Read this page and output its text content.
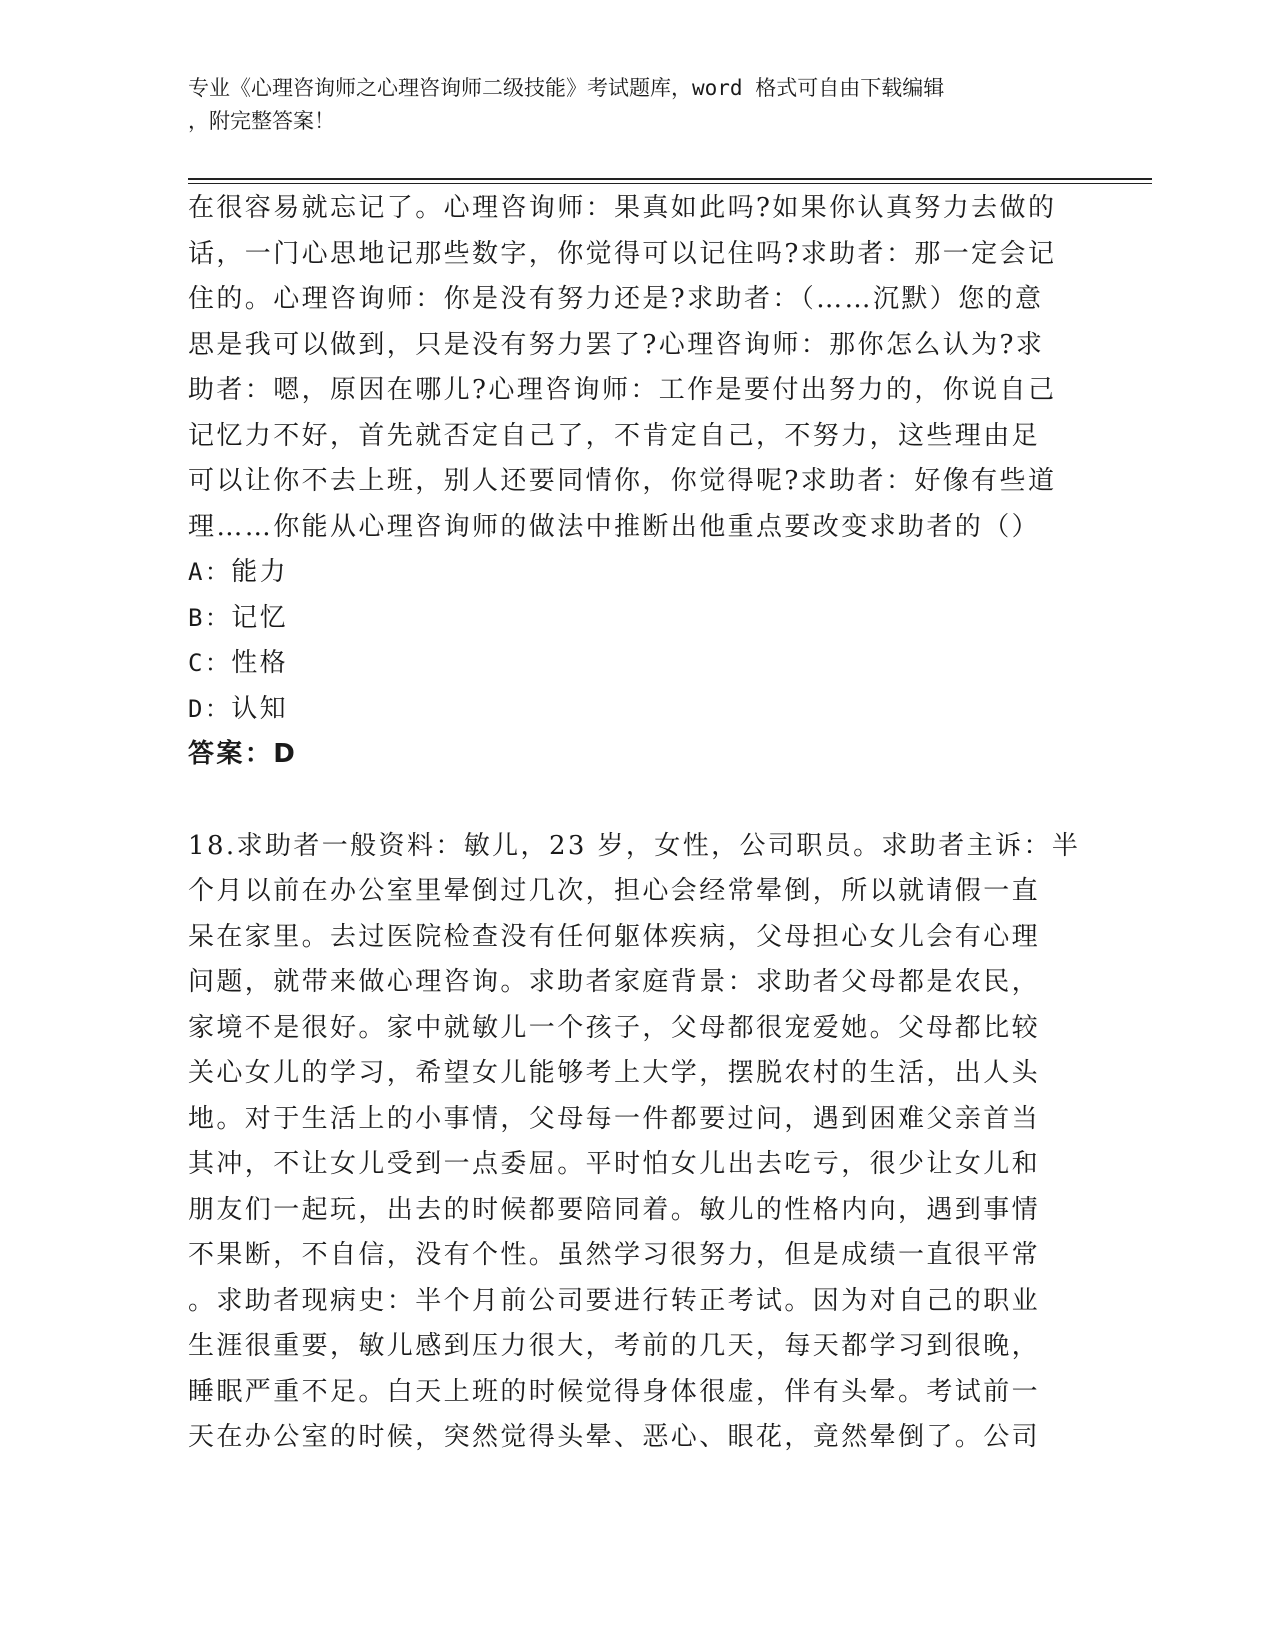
专业《心理咨询师之心理咨询师二级技能》考试题库，word 格式可自由下载编辑
，附完整答案！

在很容易就忘记了。心理咨询师：果真如此吗?如果你认真努力去做的
话，一门心思地记那些数字，你觉得可以记住吗?求助者：那一定会记
住的。心理咨询师：你是没有努力还是?求助者：（……沉默）您的意
思是我可以做到，只是没有努力罢了?心理咨询师：那你怎么认为?求
助者：嗯，原因在哪儿?心理咨询师：工作是要付出努力的，你说自己
记忆力不好，首先就否定自己了，不肯定自己，不努力，这些理由足
可以让你不去上班，别人还要同情你，你觉得呢?求助者：好像有些道
理……你能从心理咨询师的做法中推断出他重点要改变求助者的（）

A：能力

B：记忆

C：性格

D：认知

答案：D

18.求助者一般资料：敏儿，23 岁，女性，公司职员。求助者主诉：半
个月以前在办公室里晕倒过几次，担心会经常晕倒，所以就请假一直
呆在家里。去过医院检查没有任何躯体疾病，父母担心女儿会有心理
问题，就带来做心理咨询。求助者家庭背景：求助者父母都是农民，
家境不是很好。家中就敏儿一个孩子，父母都很宠爱她。父母都比较
关心女儿的学习，希望女儿能够考上大学，摆脱农村的生活，出人头
地。对于生活上的小事情，父母每一件都要过问，遇到困难父亲首当
其冲，不让女儿受到一点委屈。平时怕女儿出去吃亏，很少让女儿和
朋友们一起玩，出去的时候都要陪同着。敏儿的性格内向，遇到事情
不果断，不自信，没有个性。虽然学习很努力，但是成绩一直很平常
。求助者现病史：半个月前公司要进行转正考试。因为对自己的职业
生涯很重要，敏儿感到压力很大，考前的几天，每天都学习到很晚，
睡眠严重不足。白天上班的时候觉得身体很虚，伴有头晕。考试前一
天在办公室的时候，突然觉得头晕、恶心、眼花，竟然晕倒了。公司
